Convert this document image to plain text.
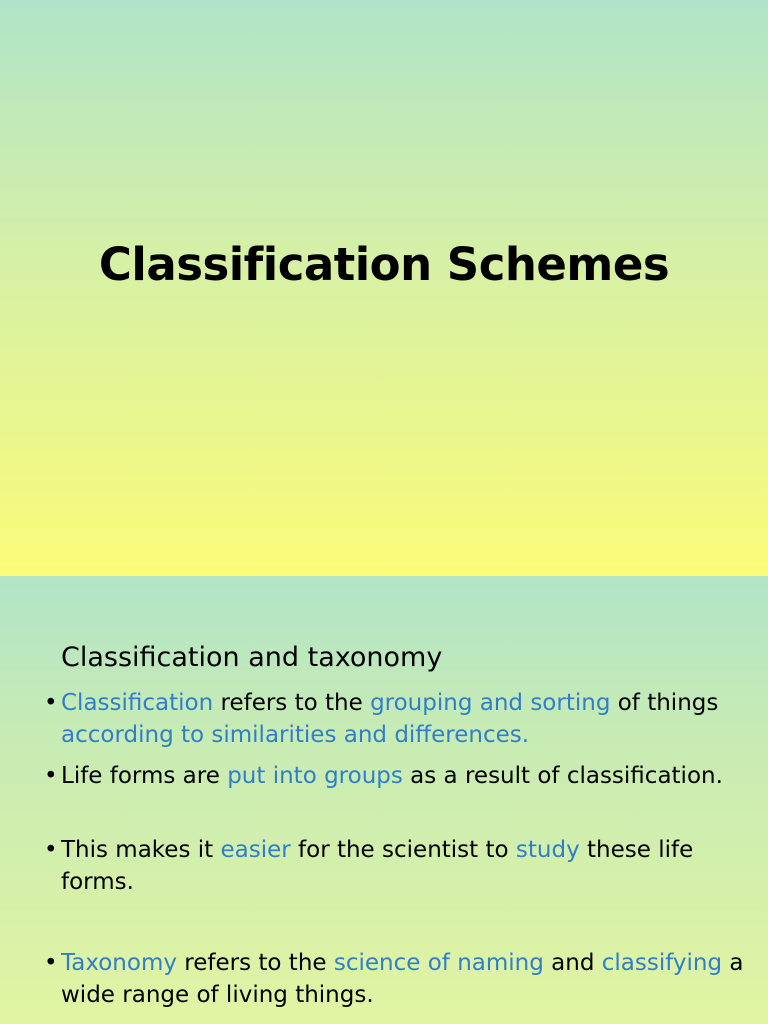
Classification Schemes
Classification and taxonomy

• Classification refers to the grouping and sorting of things according to similarities and differences.

• Life forms are put into groups as a result of classification.

• This makes it easier for the scientist to study these life forms.

• Taxonomy refers to the science of naming and classifying a wide range of living things.
